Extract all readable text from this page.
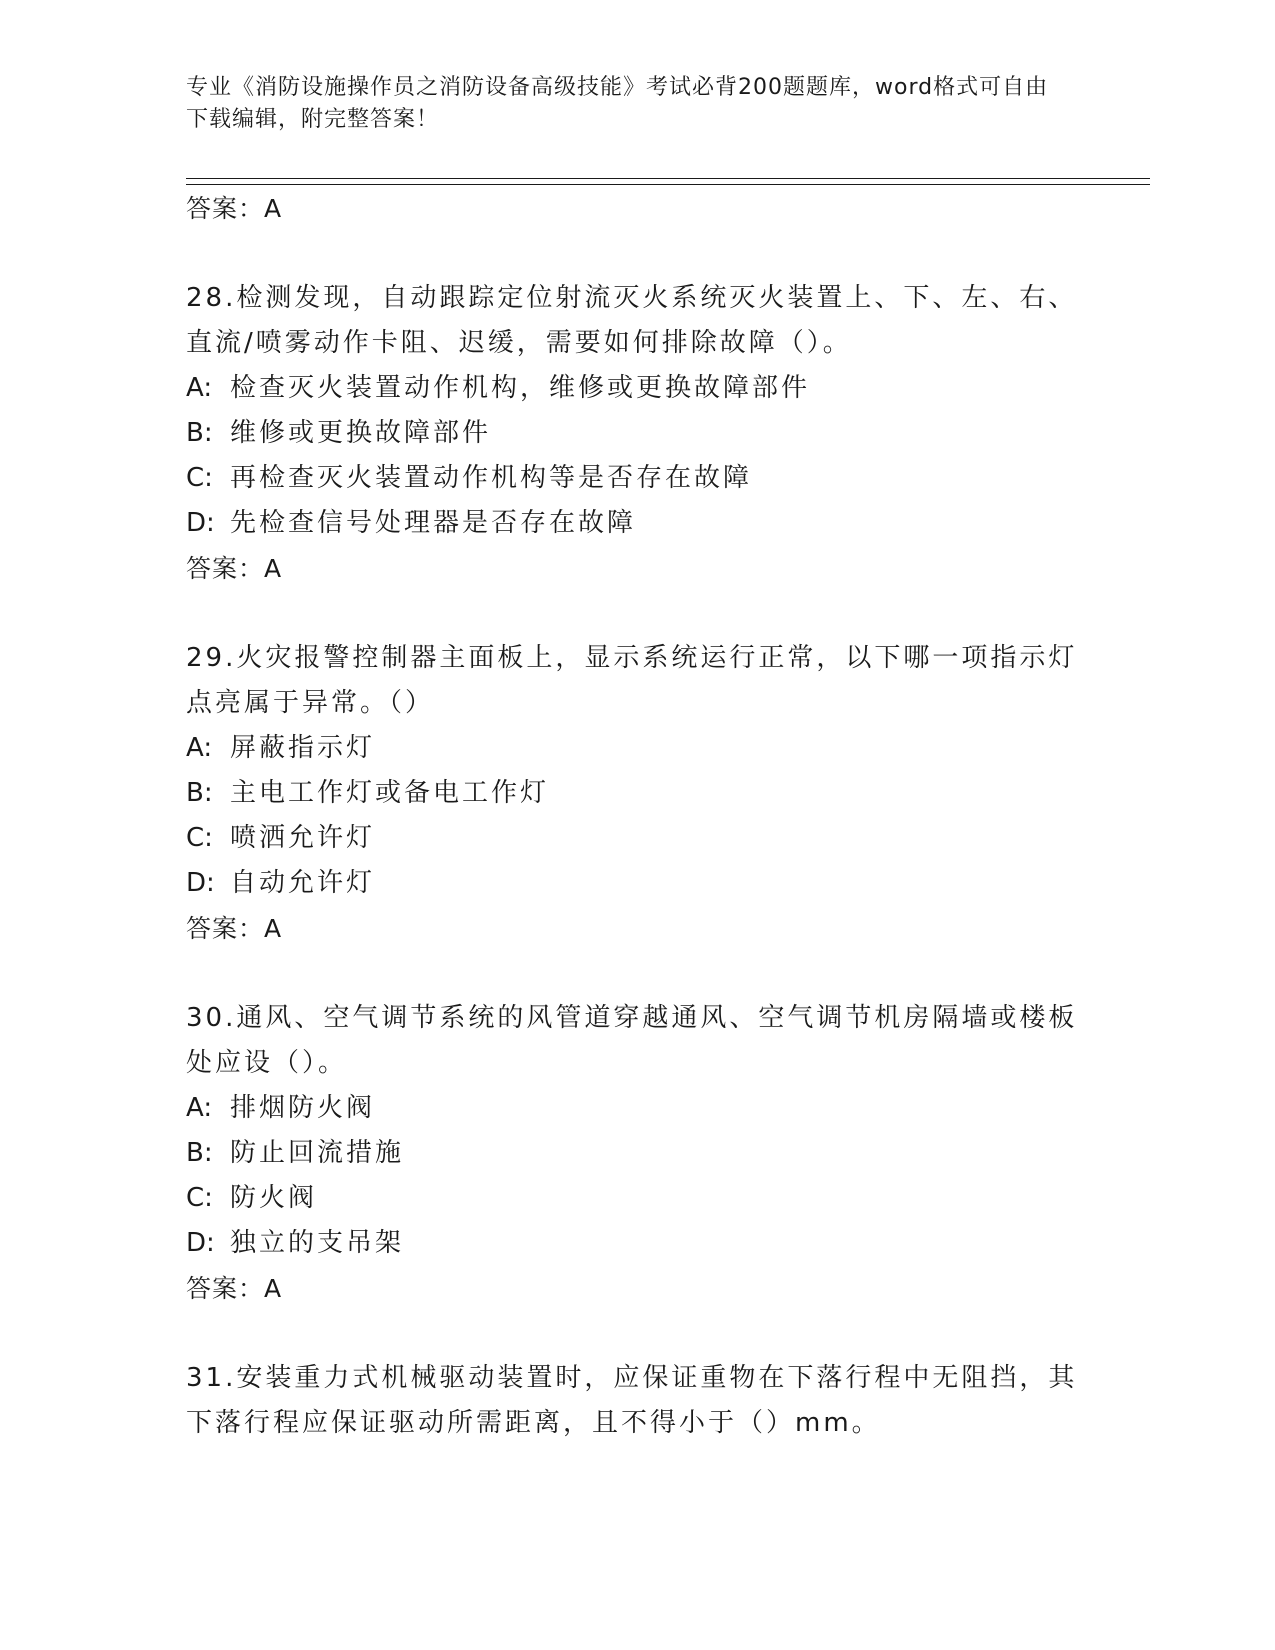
专业《消防设施操作员之消防设备高级技能》考试必背200题题库，word格式可自由下载编辑，附完整答案！
答案：A

28.检测发现，自动跟踪定位射流灭火系统灭火装置上、下、左、右、直流/喷雾动作卡阻、迟缓，需要如何排除故障（）。

A: 检查灭火装置动作机构，维修或更换故障部件

B: 维修或更换故障部件

C: 再检查灭火装置动作机构等是否存在故障

D: 先检查信号处理器是否存在故障

答案：A

29.火灾报警控制器主面板上，显示系统运行正常，以下哪一项指示灯点亮属于异常。（）

A: 屏蔽指示灯

B: 主电工作灯或备电工作灯

C: 喷洒允许灯

D: 自动允许灯

答案：A

30.通风、空气调节系统的风管道穿越通风、空气调节机房隔墙或楼板处应设（）。

A: 排烟防火阀

B: 防止回流措施

C: 防火阀

D: 独立的支吊架

答案：A

31.安装重力式机械驱动装置时，应保证重物在下落行程中无阻挡，其下落行程应保证驱动所需距离，且不得小于（）mm。
